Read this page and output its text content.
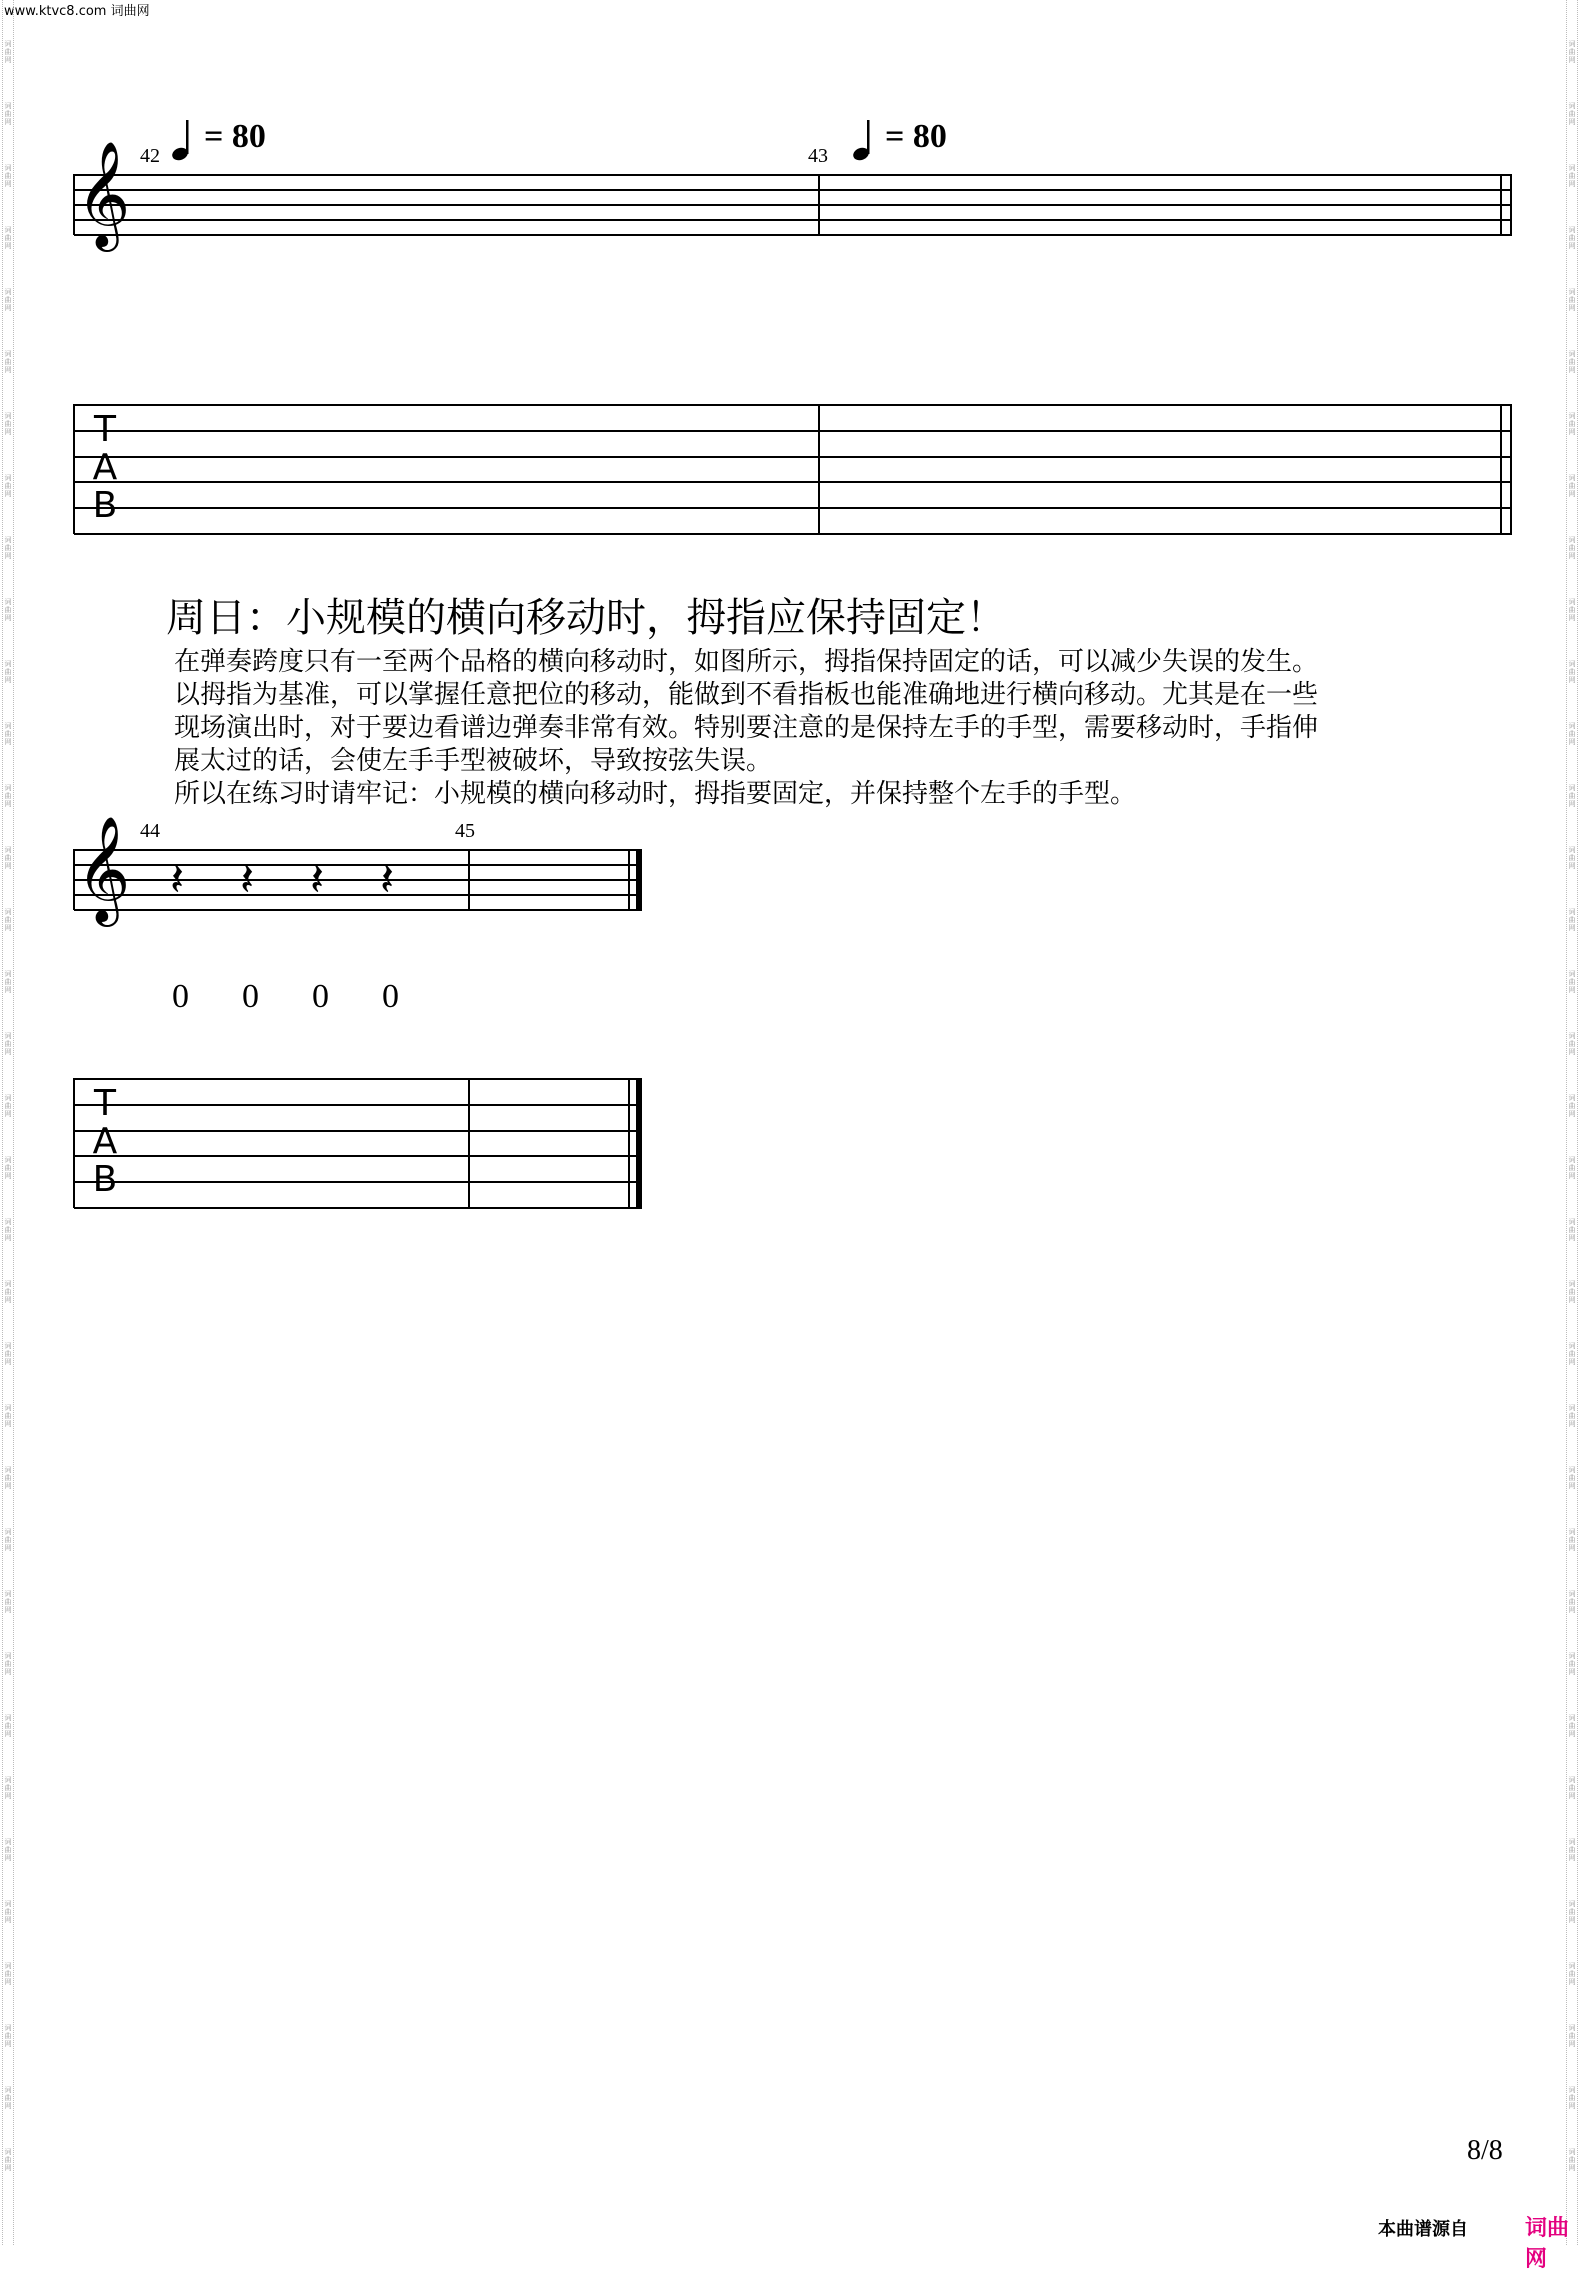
www.ktvc8.com 词曲网
词
曲
网
词
曲
网
词
曲
网
词
曲
网
词
曲
网
词
曲
网
词
曲
网
词
曲
网
词
曲
网
词
曲
网
词
曲
网
词
曲
网
词
曲
网
词
曲
网
词
曲
网
词
曲
网
词
曲
网
词
曲
网
词
曲
网
词
曲
网
词
曲
网
词
曲
网
词
曲
网
词
曲
网
词
曲
网
词
曲
网
词
曲
网
词
曲
网
词
曲
网
词
曲
网
词
曲
网
词
曲
网
词
曲
网
词
曲
网
词
曲
网
词
曲
网
词
曲
网
词
曲
网
词
曲
网
词
曲
网
词
曲
网
词
曲
网
词
曲
网
词
曲
网
词
曲
网
词
曲
网
词
曲
网
词
曲
网
词
曲
网
词
曲
网
词
曲
网
词
曲
网
词
曲
网
词
曲
网
词
曲
网
词
曲
网
词
曲
网
词
曲
网
词
曲
网
词
曲
网
词
曲
网
词
曲
网
词
曲
网
词
曲
网
词
曲
网
词
曲
网
词
曲
网
词
曲
网
词
曲
网
词
曲
网
42	43
= 80	= 80
𝄞
T
A
B
周日：小规模的横向移动时，拇指应保持固定！
在弹奏跨度只有一至两个品格的横向移动时，如图所示，拇指保持固定的话，可以减少失误的发生。
以拇指为基准，可以掌握任意把位的移动，能做到不看指板也能准确地进行横向移动。尤其是在一些
现场演出时，对于要边看谱边弹奏非常有效。特别要注意的是保持左手的手型，需要移动时，手指伸
展太过的话，会使左手手型被破坏，导致按弦失误。
所以在练习时请牢记：小规模的横向移动时，拇指要固定，并保持整个左手的手型。
44	45
𝄞 𝄽 𝄽 𝄽 𝄽
0 0 0 0
T
A
B
8/8
本曲谱源自	词曲网
